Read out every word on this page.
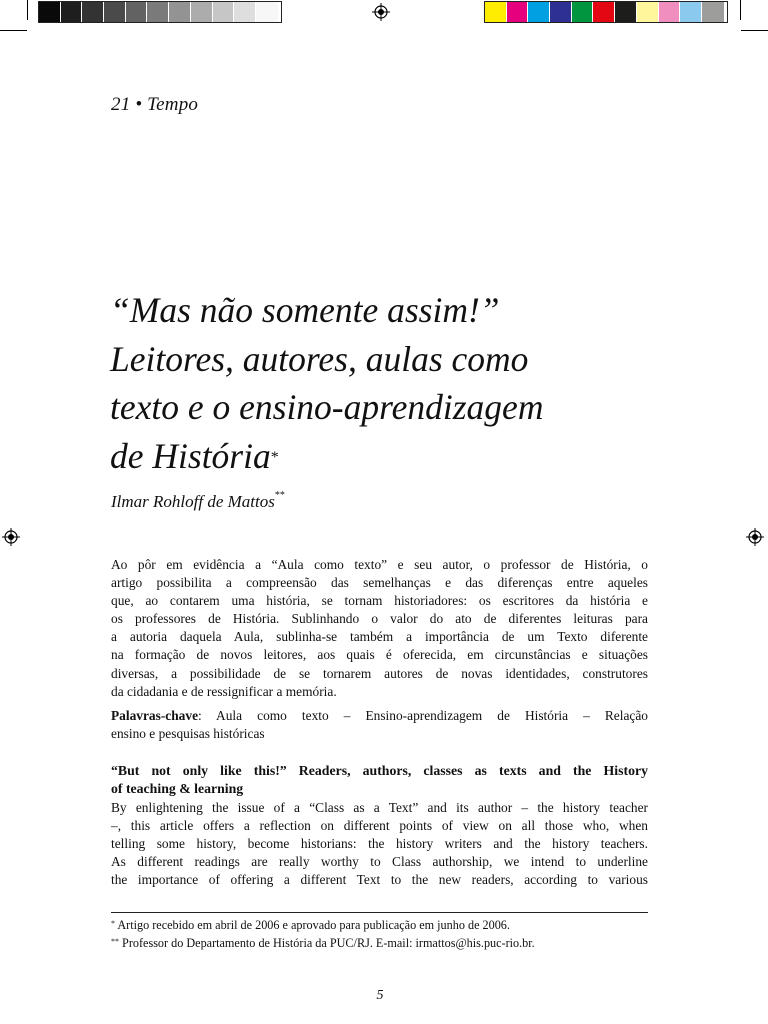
21 • Tempo
“Mas não somente assim!”
Leitores, autores, aulas como
texto e o ensino-aprendizagem
de História*
Ilmar Rohloff de Mattos**
Ao pôr em evidência a “Aula como texto” e seu autor, o professor de História, o
artigo possibilita a compreensão das semelhanças e das diferenças entre aqueles
que, ao contarem uma história, se tornam historiadores: os escritores da história e
os professores de História. Sublinhando o valor do ato de diferentes leituras para
a autoria daquela Aula, sublinha-se também a importância de um Texto diferente
na formação de novos leitores, aos quais é oferecida, em circunstâncias e situações
diversas, a possibilidade de se tornarem autores de novas identidades, construtores
da cidadania e de ressignificar a memória.
Palavras-chave: Aula como texto – Ensino-aprendizagem de História – Relação
ensino e pesquisas históricas
“But not only like this!” Readers, authors, classes as texts and the History
of teaching & learning
By enlightening the issue of a “Class as a Text” and its author – the history teacher
–, this article offers a reflection on different points of view on all those who, when
telling some history, become historians: the history writers and the history teachers.
As different readings are really worthy to Class authorship, we intend to underline
the importance of offering a different Text to the new readers, according to various
* Artigo recebido em abril de 2006 e aprovado para publicação em junho de 2006.
** Professor do Departamento de História da PUC/RJ. E-mail: irmattos@his.puc-rio.br.
5
